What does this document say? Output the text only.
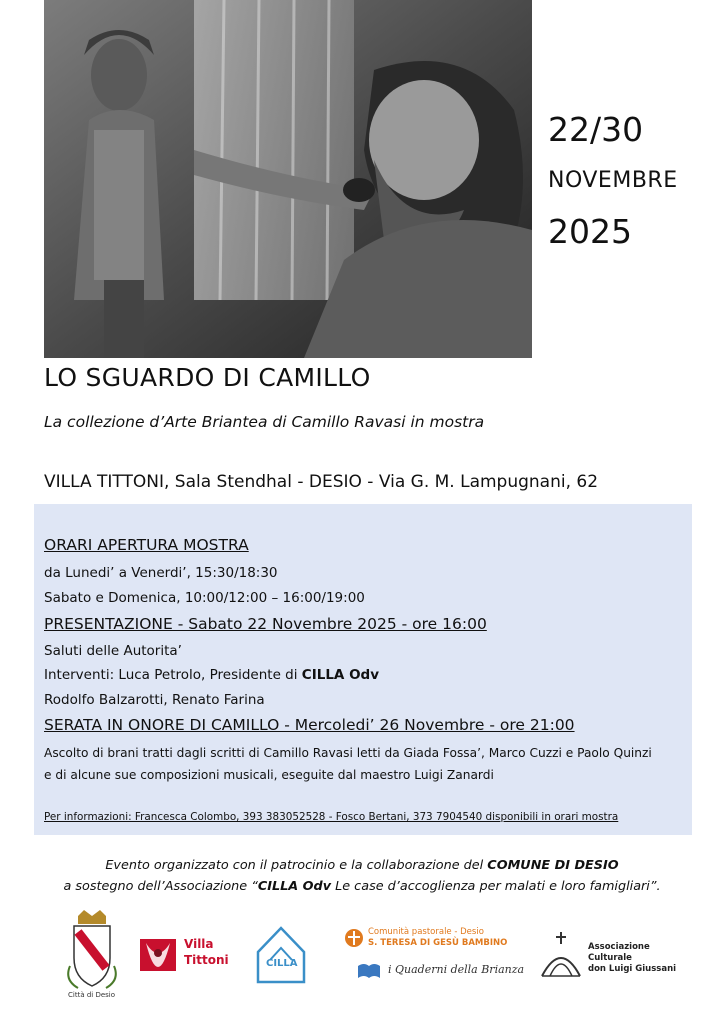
22/30
NOVEMBRE
2025
LO SGUARDO DI CAMILLO
La collezione d’Arte Briantea di Camillo Ravasi in mostra
VILLA TITTONI, Sala Stendhal - DESIO - Via G. M. Lampugnani, 62
ORARI APERTURA MOSTRA
da Lunedi’ a Venerdi’, 15:30/18:30
Sabato e Domenica, 10:00/12:00 – 16:00/19:00
PRESENTAZIONE - Sabato 22 Novembre 2025 - ore 16:00
Saluti delle Autorita’
Interventi: Luca Petrolo, Presidente di CILLA Odv
Rodolfo Balzarotti, Renato Farina
SERATA IN ONORE DI CAMILLO - Mercoledi’ 26 Novembre - ore 21:00
Ascolto di brani tratti dagli scritti di Camillo Ravasi letti da Giada Fossa’, Marco Cuzzi e Paolo Quinzi
e di alcune sue composizioni musicali, eseguite dal maestro Luigi Zanardi
Per informazioni: Francesca Colombo, 393 383052528 - Fosco Bertani, 373 7904540 disponibili in orari mostra
Evento organizzato con il patrocinio e la collaborazione del COMUNE DI DESIO
a sostegno dell’Associazione “CILLA Odv Le case d’accoglienza per malati e loro famigliari”.
Città di Desio
Villa
Tittoni	CILLA
Comunità pastorale - Desio
S. TERESA DI GESÙ BAMBINO
i Quaderni della Brianza
Associazione
Culturale
don Luigi Giussani
